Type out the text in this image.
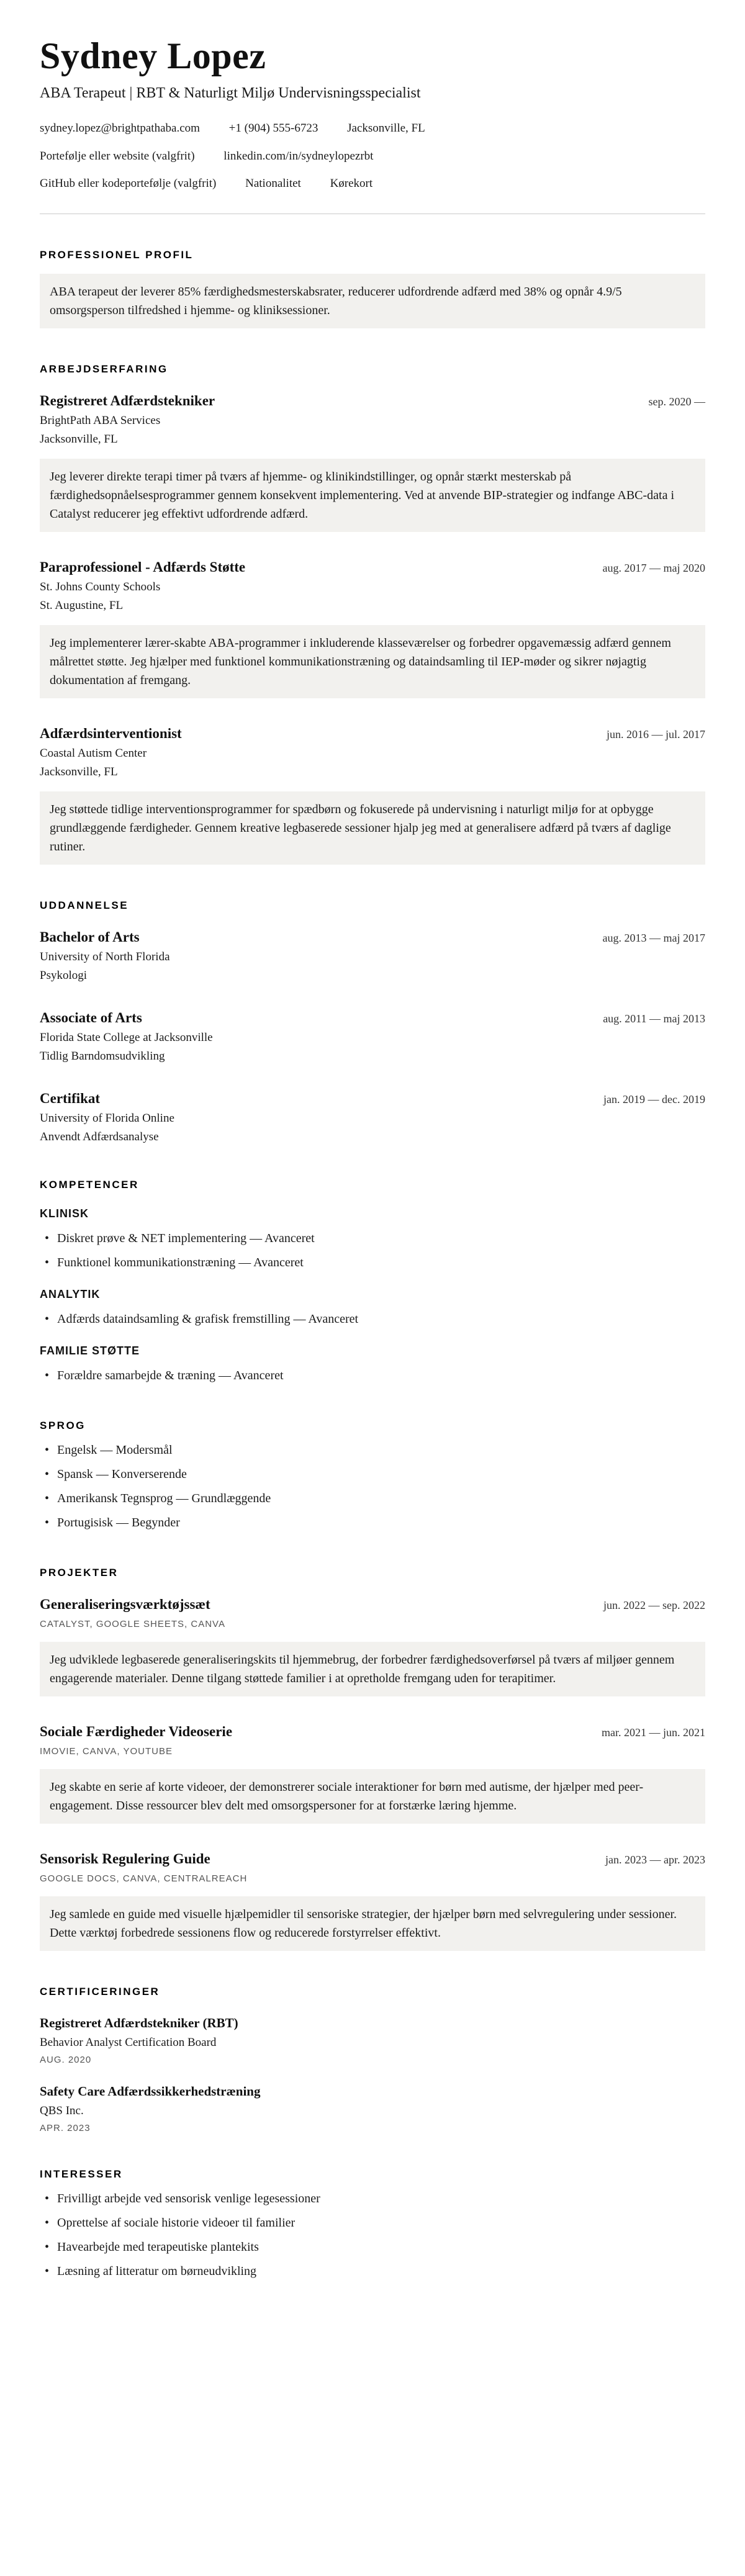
Sydney Lopez

ABA Terapeut | RBT & Naturligt Miljø Undervisningsspecialist

sydney.lopez@brightpathaba.com +1 (904) 555-6723 Jacksonville, FL
Portefølje eller website (valgfrit) linkedin.com/in/sydneylopezrbt
GitHub eller kodeportefølje (valgfrit) Nationalitet Kørekort
PROFESSIONEL PROFIL

ABA terapeut der leverer 85% færdighedsmesterskabsrater, reducerer udfordrende adfærd med 38% og opnår 4.9/5 omsorgsperson tilfredshed i hjemme- og kliniksessioner.

ARBEJDSERFARING
Registreret Adfærdstekniker	sep. 2020 —
BrightPath ABA Services
Jacksonville, FL

Jeg leverer direkte terapi timer på tværs af hjemme- og klinikindstillinger, og opnår stærkt mesterskab på færdighedsopnåelsesprogrammer gennem konsekvent implementering. Ved at anvende BIP-strategier og indfange ABC-data i Catalyst reducerer jeg effektivt udfordrende adfærd.

Paraprofessionel - Adfærds Støtte	aug. 2017 — maj 2020
St. Johns County Schools
St. Augustine, FL

Jeg implementerer lærer-skabte ABA-programmer i inkluderende klasseværelser og forbedrer opgavemæssig adfærd gennem målrettet støtte. Jeg hjælper med funktionel kommunikationstræning og dataindsamling til IEP-møder og sikrer nøjagtig dokumentation af fremgang.

Adfærdsinterventionist	jun. 2016 — jul. 2017
Coastal Autism Center
Jacksonville, FL

Jeg støttede tidlige interventionsprogrammer for spædbørn og fokuserede på undervisning i naturligt miljø for at opbygge grundlæggende færdigheder. Gennem kreative legbaserede sessioner hjalp jeg med at generalisere adfærd på tværs af daglige rutiner.

UDDANNELSE
Bachelor of Arts	aug. 2013 — maj 2017
University of North Florida
Psykologi
Associate of Arts	aug. 2011 — maj 2013
Florida State College at Jacksonville
Tidlig Barndomsudvikling
Certifikat	jan. 2019 — dec. 2019
University of Florida Online
Anvendt Adfærdsanalyse
KOMPETENCER
KLINISK
• Diskret prøve & NET implementering — Avanceret
• Funktionel kommunikationstræning — Avanceret
ANALYTIK
• Adfærds dataindsamling & grafisk fremstilling — Avanceret
FAMILIE STØTTE
• Forældre samarbejde & træning — Avanceret
SPROG
• Engelsk — Modersmål
• Spansk — Konverserende
• Amerikansk Tegnsprog — Grundlæggende
• Portugisisk — Begynder
PROJEKTER
Generaliseringsværktøjssæt	jun. 2022 — sep. 2022
CATALYST, GOOGLE SHEETS, CANVA

Jeg udviklede legbaserede generaliseringskits til hjemmebrug, der forbedrer færdighedsoverførsel på tværs af miljøer gennem engagerende materialer. Denne tilgang støttede familier i at opretholde fremgang uden for terapitimer.

Sociale Færdigheder Videoserie	mar. 2021 — jun. 2021
IMOVIE, CANVA, YOUTUBE

Jeg skabte en serie af korte videoer, der demonstrerer sociale interaktioner for børn med autisme, der hjælper med peer-engagement. Disse ressourcer blev delt med omsorgspersoner for at forstærke læring hjemme.

Sensorisk Regulering Guide	jan. 2023 — apr. 2023
GOOGLE DOCS, CANVA, CENTRALREACH

Jeg samlede en guide med visuelle hjælpemidler til sensoriske strategier, der hjælper børn med selvregulering under sessioner. Dette værktøj forbedrede sessionens flow og reducerede forstyrrelser effektivt.

CERTIFICERINGER
Registreret Adfærdstekniker (RBT)
Behavior Analyst Certification Board
AUG. 2020
Safety Care Adfærdssikkerhedstræning
QBS Inc.
APR. 2023
INTERESSER
• Frivilligt arbejde ved sensorisk venlige legesessioner
• Oprettelse af sociale historie videoer til familier
• Havearbejde med terapeutiske plantekits
• Læsning af litteratur om børneudvikling
